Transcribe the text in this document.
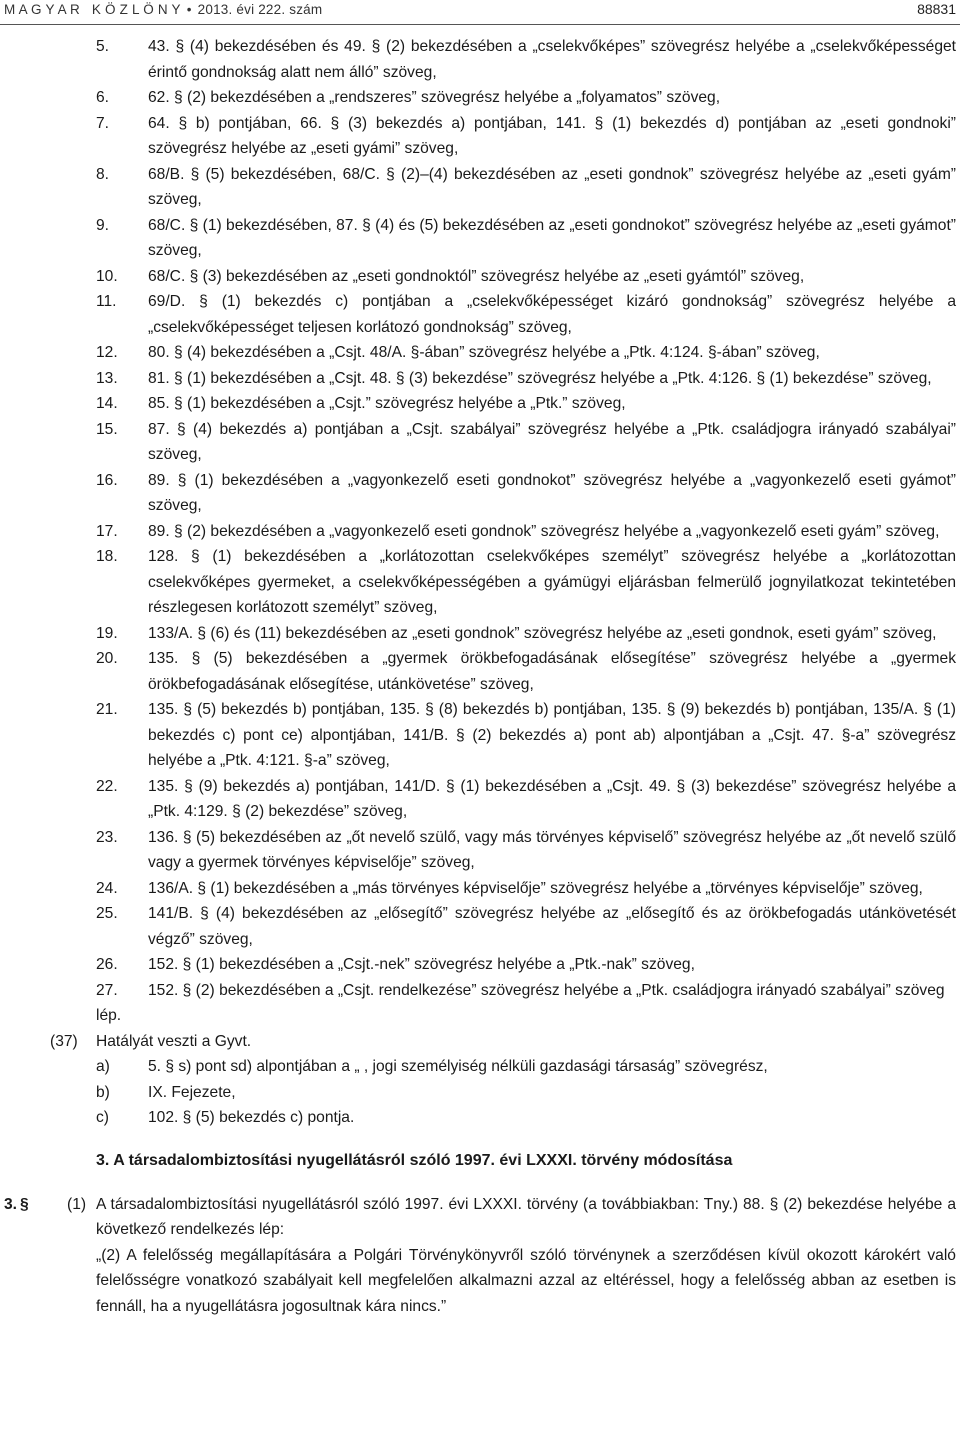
M A G Y A R   K Ö Z L Ö N Y • 2013. évi 222. szám	88831
5. 43. § (4) bekezdésében és 49. § (2) bekezdésében a „cselekvőképes” szövegrész helyébe a „cselekvőképességet érintő gondnokság alatt nem álló” szöveg,
6. 62. § (2) bekezdésében a „rendszeres” szövegrész helyébe a „folyamatos” szöveg,
7. 64. § b) pontjában, 66. § (3) bekezdés a) pontjában, 141. § (1) bekezdés d) pontjában az „eseti gondnoki” szövegrész helyébe az „eseti gyámi” szöveg,
8. 68/B. § (5) bekezdésében, 68/C. § (2)–(4) bekezdésében az „eseti gondnok” szövegrész helyébe az „eseti gyám” szöveg,
9. 68/C. § (1) bekezdésében, 87. § (4) és (5) bekezdésében az „eseti gondnokot” szövegrész helyébe az „eseti gyámot” szöveg,
10. 68/C. § (3) bekezdésében az „eseti gondnoktól” szövegrész helyébe az „eseti gyámtól” szöveg,
11. 69/D. § (1) bekezdés c) pontjában a „cselekvőképességet kizáró gondnokság” szövegrész helyébe a „cselekvőképességet teljesen korlátozó gondnokság” szöveg,
12. 80. § (4) bekezdésében a „Csjt. 48/A. §-ában” szövegrész helyébe a „Ptk. 4:124. §-ában” szöveg,
13. 81. § (1) bekezdésében a „Csjt. 48. § (3) bekezdése” szövegrész helyébe a „Ptk. 4:126. § (1) bekezdése” szöveg,
14. 85. § (1) bekezdésében a „Csjt.” szövegrész helyébe a „Ptk.” szöveg,
15. 87. § (4) bekezdés a) pontjában a „Csjt. szabályai” szövegrész helyébe a „Ptk. családjogra irányadó szabályai” szöveg,
16. 89. § (1) bekezdésében a „vagyonkezelő eseti gondnokot” szövegrész helyébe a „vagyonkezelő eseti gyámot” szöveg,
17. 89. § (2) bekezdésében a „vagyonkezelő eseti gondnok” szövegrész helyébe a „vagyonkezelő eseti gyám” szöveg,
18. 128. § (1) bekezdésében a „korlátozottan cselekvőképes személyt” szövegrész helyébe a „korlátozottan cselekvőképes gyermeket, a cselekvőképességében a gyámügyi eljárásban felmerülő jognyilatkozat tekintetében részlegesen korlátozott személyt” szöveg,
19. 133/A. § (6) és (11) bekezdésében az „eseti gondnok” szövegrész helyébe az „eseti gondnok, eseti gyám” szöveg,
20. 135. § (5) bekezdésében a „gyermek örökbefogadásának elősegítése” szövegrész helyébe a „gyermek örökbefogadásának elősegítése, utánkövetése” szöveg,
21. 135. § (5) bekezdés b) pontjában, 135. § (8) bekezdés b) pontjában, 135. § (9) bekezdés b) pontjában, 135/A. § (1) bekezdés c) pont ce) alpontjában, 141/B. § (2) bekezdés a) pont ab) alpontjában a „Csjt. 47. §-a” szövegrész helyébe a „Ptk. 4:121. §-a” szöveg,
22. 135. § (9) bekezdés a) pontjában, 141/D. § (1) bekezdésében a „Csjt. 49. § (3) bekezdése” szövegrész helyébe a „Ptk. 4:129. § (2) bekezdése” szöveg,
23. 136. § (5) bekezdésében az „őt nevelő szülő, vagy más törvényes képviselő” szövegrész helyébe az „őt nevelő szülő vagy a gyermek törvényes képviselője” szöveg,
24. 136/A. § (1) bekezdésében a „más törvényes képviselője” szövegrész helyébe a „törvényes képviselője” szöveg,
25. 141/B. § (4) bekezdésében az „elősegítő” szövegrész helyébe az „elősegítő és az örökbefogadás utánkövetését végző” szöveg,
26. 152. § (1) bekezdésében a „Csjt.-nek” szövegrész helyébe a „Ptk.-nak” szöveg,
27. 152. § (2) bekezdésében a „Csjt. rendelkezése” szövegrész helyébe a „Ptk. családjogra irányadó szabályai” szöveg
lép.
(37) Hatályát veszti a Gyvt.
a) 5. § s) pont sd) alpontjában a „ , jogi személyiség nélküli gazdasági társaság” szövegrész,
b) IX. Fejezete,
c)	102. § (5) bekezdés c) pontja.
3. A társadalombiztosítási nyugellátásról szóló 1997. évi LXXXI. törvény módosítása
3. § (1) A társadalombiztosítási nyugellátásról szóló 1997. évi LXXXI. törvény (a továbbiakban: Tny.) 88. § (2) bekezdése helyébe a következő rendelkezés lép:
„(2) A felelősség megállapítására a Polgári Törvénykönyvről szóló törvénynek a szerződésen kívül okozott károkért való felelősségre vonatkozó szabályait kell megfelelően alkalmazni azzal az eltéréssel, hogy a felelősség abban az esetben is fennáll, ha a nyugellátásra jogosultnak kára nincs.”
